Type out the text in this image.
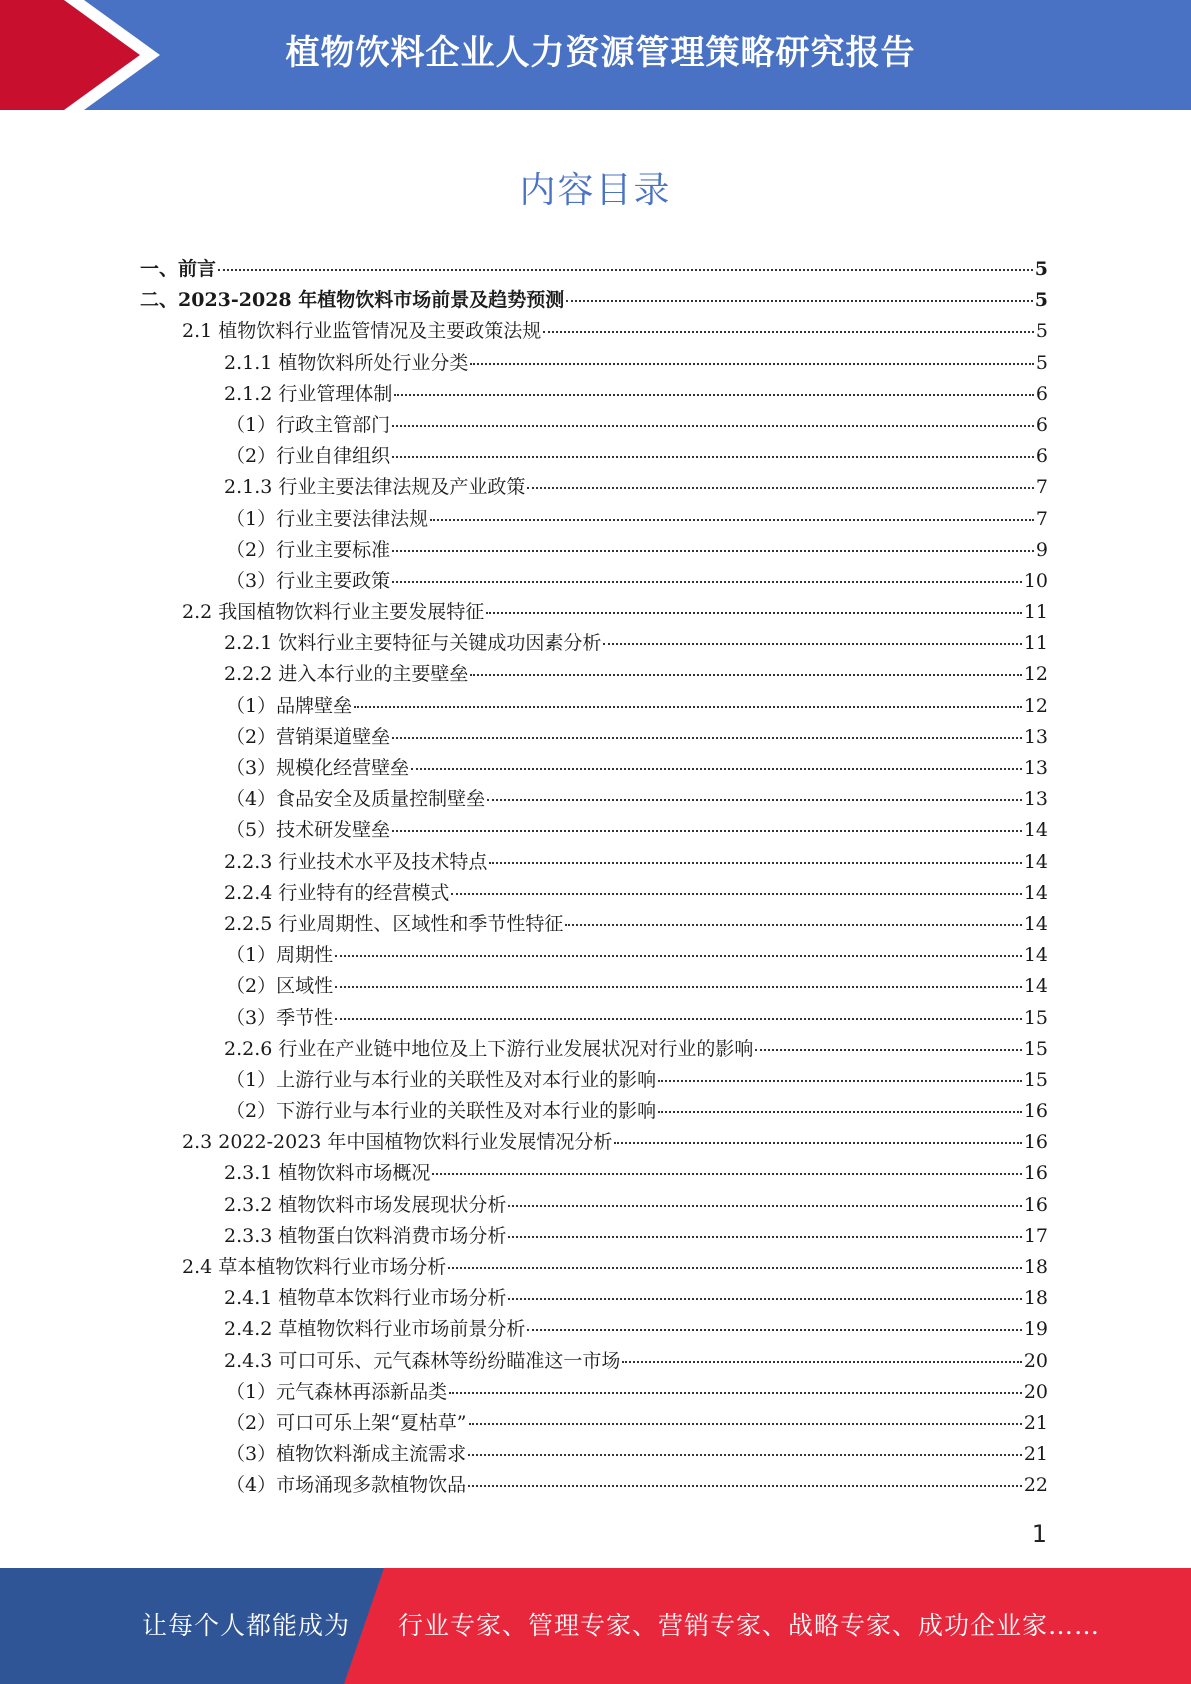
植物饮料企业人力资源管理策略研究报告
内容目录
一、前言	5
二、2023-2028 年植物饮料市场前景及趋势预测	5
2.1 植物饮料行业监管情况及主要政策法规	5
2.1.1 植物饮料所处行业分类	5
2.1.2 行业管理体制	6
（1）行政主管部门	6
（2）行业自律组织	6
2.1.3 行业主要法律法规及产业政策	7
（1）行业主要法律法规	7
（2）行业主要标准	9
（3）行业主要政策	10
2.2 我国植物饮料行业主要发展特征	11
2.2.1 饮料行业主要特征与关键成功因素分析	11
2.2.2 进入本行业的主要壁垒	12
（1）品牌壁垒	12
（2）营销渠道壁垒	13
（3）规模化经营壁垒	13
（4）食品安全及质量控制壁垒	13
（5）技术研发壁垒	14
2.2.3 行业技术水平及技术特点	14
2.2.4 行业特有的经营模式	14
2.2.5 行业周期性、区域性和季节性特征	14
（1）周期性	14
（2）区域性	14
（3）季节性	15
2.2.6 行业在产业链中地位及上下游行业发展状况对行业的影响	15
（1）上游行业与本行业的关联性及对本行业的影响	15
（2）下游行业与本行业的关联性及对本行业的影响	16
2.3 2022-2023 年中国植物饮料行业发展情况分析	16
2.3.1 植物饮料市场概况	16
2.3.2 植物饮料市场发展现状分析	16
2.3.3 植物蛋白饮料消费市场分析	17
2.4 草本植物饮料行业市场分析	18
2.4.1 植物草本饮料行业市场分析	18
2.4.2 草植物饮料行业市场前景分析	19
2.4.3 可口可乐、元气森林等纷纷瞄准这一市场	20
（1）元气森林再添新品类	20
（2）可口可乐上架“夏枯草”	21
（3）植物饮料渐成主流需求	21
（4）市场涌现多款植物饮品	22
1
让每个人都能成为 行业专家、管理专家、营销专家、战略专家、成功企业家……
